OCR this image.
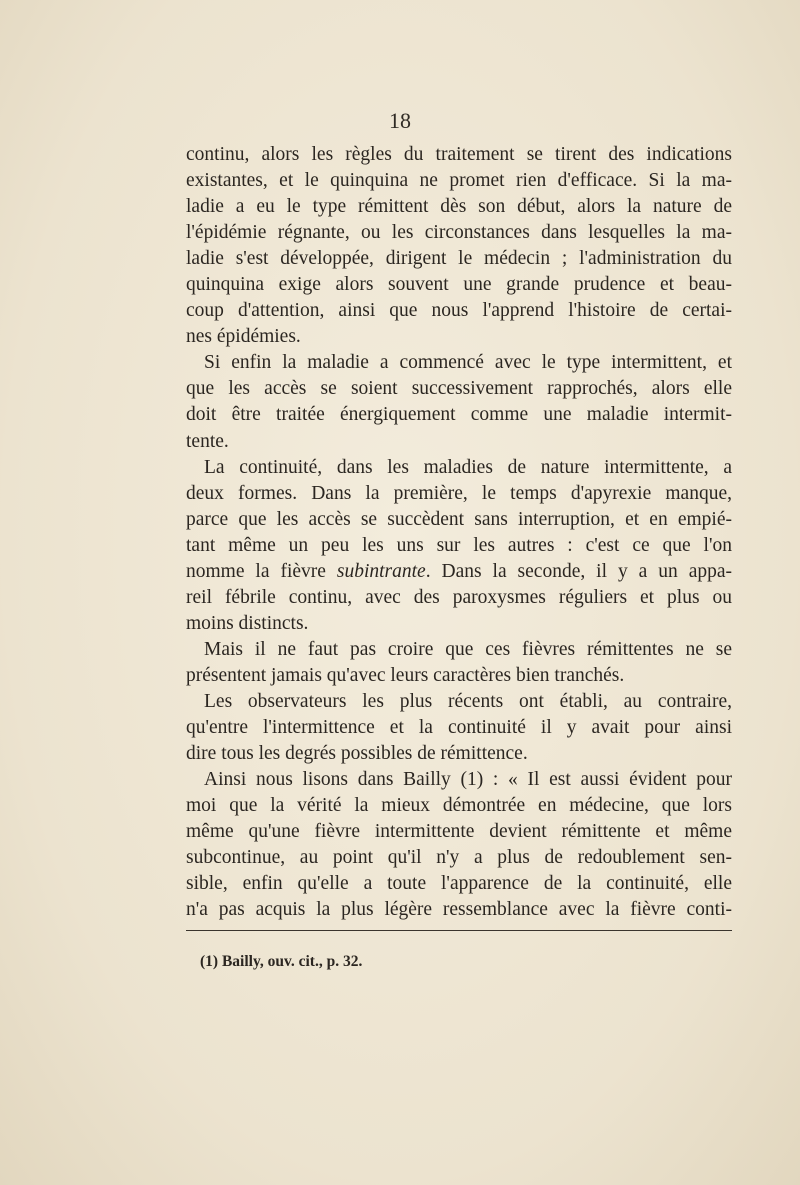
18
continu, alors les règles du traitement se tirent des indications
existantes, et le quinquina ne promet rien d'efficace. Si la ma-
ladie a eu le type rémittent dès son début, alors la nature de
l'épidémie régnante, ou les circonstances dans lesquelles la ma-
ladie s'est développée, dirigent le médecin ; l'administration du
quinquina exige alors souvent une grande prudence et beau-
coup d'attention, ainsi que nous l'apprend l'histoire de certai-
nes épidémies.
Si enfin la maladie a commencé avec le type intermittent, et
que les accès se soient successivement rapprochés, alors elle
doit être traitée énergiquement comme une maladie intermit-
tente.
La continuité, dans les maladies de nature intermittente, a
deux formes. Dans la première, le temps d'apyrexie manque,
parce que les accès se succèdent sans interruption, et en empié-
tant même un peu les uns sur les autres : c'est ce que l'on
nomme la fièvre subintrante. Dans la seconde, il y a un appa-
reil fébrile continu, avec des paroxysmes réguliers et plus ou
moins distincts.
Mais il ne faut pas croire que ces fièvres rémittentes ne se
présentent jamais qu'avec leurs caractères bien tranchés.
Les observateurs les plus récents ont établi, au contraire,
qu'entre l'intermittence et la continuité il y avait pour ainsi
dire tous les degrés possibles de rémittence.
Ainsi nous lisons dans Bailly (1) : « Il est aussi évident pour
moi que la vérité la mieux démontrée en médecine, que lors
même qu'une fièvre intermittente devient rémittente et même
subcontinue, au point qu'il n'y a plus de redoublement sen-
sible, enfin qu'elle a toute l'apparence de la continuité, elle
n'a pas acquis la plus légère ressemblance avec la fièvre conti-
(1) Bailly, ouv. cit., p. 32.
